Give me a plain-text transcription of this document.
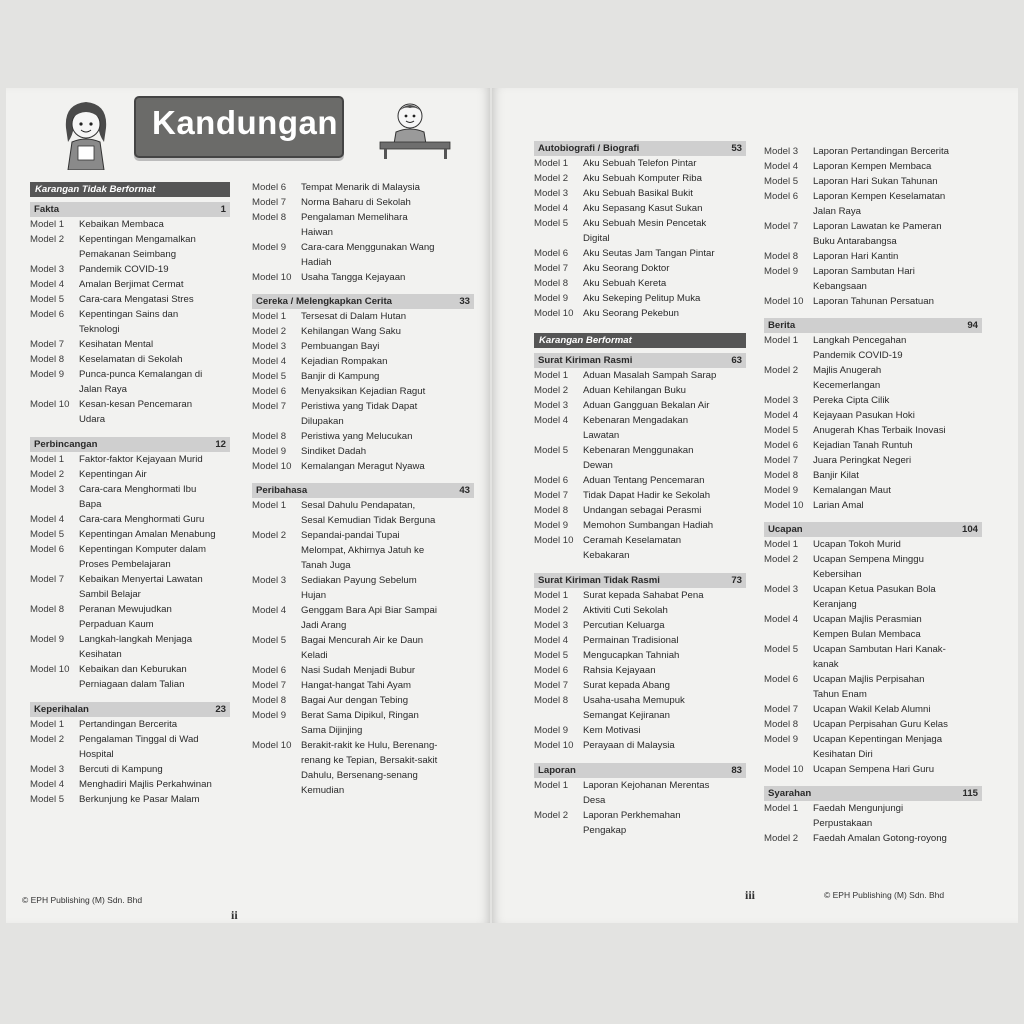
Kandungan
Karangan Tidak Berformat
Fakta	1
Model 1	Kebaikan Membaca
Model 2	Kepentingan Mengamalkan
Pemakanan Seimbang
Model 3	Pandemik COVID-19
Model 4	Amalan Berjimat Cermat
Model 5	Cara-cara Mengatasi Stres
Model 6	Kepentingan Sains dan
Teknologi
Model 7	Kesihatan Mental
Model 8	Keselamatan di Sekolah
Model 9	Punca-punca Kemalangan di
Jalan Raya
Model 10 Kesan-kesan Pencemaran
Udara
Perbincangan	12
Model 1	Faktor-faktor Kejayaan Murid
Model 2	Kepentingan Air
Model 3	Cara-cara Menghormati Ibu
Bapa
Model 4	Cara-cara Menghormati Guru
Model 5	Kepentingan Amalan Menabung
Model 6	Kepentingan Komputer dalam
Proses Pembelajaran
Model 7	Kebaikan Menyertai Lawatan
Sambil Belajar
Model 8	Peranan Mewujudkan
Perpaduan Kaum
Model 9	Langkah-langkah Menjaga
Kesihatan
Model 10 Kebaikan dan Keburukan
Perniagaan dalam Talian
Keperihalan	23
Model 1	Pertandingan Bercerita
Model 2	Pengalaman Tinggal di Wad
Hospital
Model 3	Bercuti di Kampung
Model 4	Menghadiri Majlis Perkahwinan
Model 5	Berkunjung ke Pasar Malam
Model 6	Tempat Menarik di Malaysia
Model 7	Norma Baharu di Sekolah
Model 8	Pengalaman Memelihara
Haiwan
Model 9	Cara-cara Menggunakan Wang
Hadiah
Model 10 Usaha Tangga Kejayaan
Cereka / Melengkapkan Cerita	33
Model 1	Tersesat di Dalam Hutan
Model 2	Kehilangan Wang Saku
Model 3	Pembuangan Bayi
Model 4	Kejadian Rompakan
Model 5	Banjir di Kampung
Model 6	Menyaksikan Kejadian Ragut
Model 7	Peristiwa yang Tidak Dapat
Dilupakan
Model 8	Peristiwa yang Melucukan
Model 9	Sindiket Dadah
Model 10 Kemalangan Meragut Nyawa
Peribahasa	43
Model 1	Sesal Dahulu Pendapatan,
Sesal Kemudian Tidak Berguna
Model 2	Sepandai-pandai Tupai
Melompat, Akhirnya Jatuh ke
Tanah Juga
Model 3	Sediakan Payung Sebelum
Hujan
Model 4	Genggam Bara Api Biar Sampai
Jadi Arang
Model 5	Bagai Mencurah Air ke Daun
Keladi
Model 6	Nasi Sudah Menjadi Bubur
Model 7	Hangat-hangat Tahi Ayam
Model 8	Bagai Aur dengan Tebing
Model 9	Berat Sama Dipikul, Ringan
Sama Dijinjing
Model 10 Berakit-rakit ke Hulu, Berenang-
renang ke Tepian, Bersakit-sakit
Dahulu, Bersenang-senang
Kemudian
© EPH Publishing (M) Sdn. Bhd
ii
Autobiografi / Biografi	53
Model 1	Aku Sebuah Telefon Pintar
Model 2	Aku Sebuah Komputer Riba
Model 3	Aku Sebuah Basikal Bukit
Model 4	Aku Sepasang Kasut Sukan
Model 5	Aku Sebuah Mesin Pencetak
Digital
Model 6	Aku Seutas Jam Tangan Pintar
Model 7	Aku Seorang Doktor
Model 8	Aku Sebuah Kereta
Model 9	Aku Sekeping Pelitup Muka
Model 10 Aku Seorang Pekebun
Karangan Berformat
Surat Kiriman Rasmi	63
Model 1	Aduan Masalah Sampah Sarap
Model 2	Aduan Kehilangan Buku
Model 3	Aduan Gangguan Bekalan Air
Model 4	Kebenaran Mengadakan
Lawatan
Model 5	Kebenaran Menggunakan
Dewan
Model 6	Aduan Tentang Pencemaran
Model 7	Tidak Dapat Hadir ke Sekolah
Model 8	Undangan sebagai Perasmi
Model 9	Memohon Sumbangan Hadiah
Model 10 Ceramah Keselamatan
Kebakaran
Surat Kiriman Tidak Rasmi	73
Model 1	Surat kepada Sahabat Pena
Model 2	Aktiviti Cuti Sekolah
Model 3	Percutian Keluarga
Model 4	Permainan Tradisional
Model 5	Mengucapkan Tahniah
Model 6	Rahsia Kejayaan
Model 7	Surat kepada Abang
Model 8	Usaha-usaha Memupuk
Semangat Kejiranan
Model 9	Kem Motivasi
Model 10 Perayaan di Malaysia
Laporan	83
Model 1	Laporan Kejohanan Merentas
Desa
Model 2	Laporan Perkhemahan
Pengakap
Model 3	Laporan Pertandingan Bercerita
Model 4	Laporan Kempen Membaca
Model 5	Laporan Hari Sukan Tahunan
Model 6	Laporan Kempen Keselamatan
Jalan Raya
Model 7	Laporan Lawatan ke Pameran
Buku Antarabangsa
Model 8	Laporan Hari Kantin
Model 9	Laporan Sambutan Hari
Kebangsaan
Model 10 Laporan Tahunan Persatuan
Berita	94
Model 1	Langkah Pencegahan
Pandemik COVID-19
Model 2	Majlis Anugerah
Kecemerlangan
Model 3	Pereka Cipta Cilik
Model 4	Kejayaan Pasukan Hoki
Model 5	Anugerah Khas Terbaik Inovasi
Model 6	Kejadian Tanah Runtuh
Model 7	Juara Peringkat Negeri
Model 8	Banjir Kilat
Model 9	Kemalangan Maut
Model 10 Larian Amal
Ucapan	104
Model 1	Ucapan Tokoh Murid
Model 2	Ucapan Sempena Minggu
Kebersihan
Model 3	Ucapan Ketua Pasukan Bola
Keranjang
Model 4	Ucapan Majlis Perasmian
Kempen Bulan Membaca
Model 5	Ucapan Sambutan Hari Kanak-
kanak
Model 6	Ucapan Majlis Perpisahan
Tahun Enam
Model 7	Ucapan Wakil Kelab Alumni
Model 8	Ucapan Perpisahan Guru Kelas
Model 9	Ucapan Kepentingan Menjaga
Kesihatan Diri
Model 10 Ucapan Sempena Hari Guru
Syarahan	115
Model 1	Faedah Mengunjungi
Perpustakaan
Model 2	Faedah Amalan Gotong-royong
iii	© EPH Publishing (M) Sdn. Bhd
